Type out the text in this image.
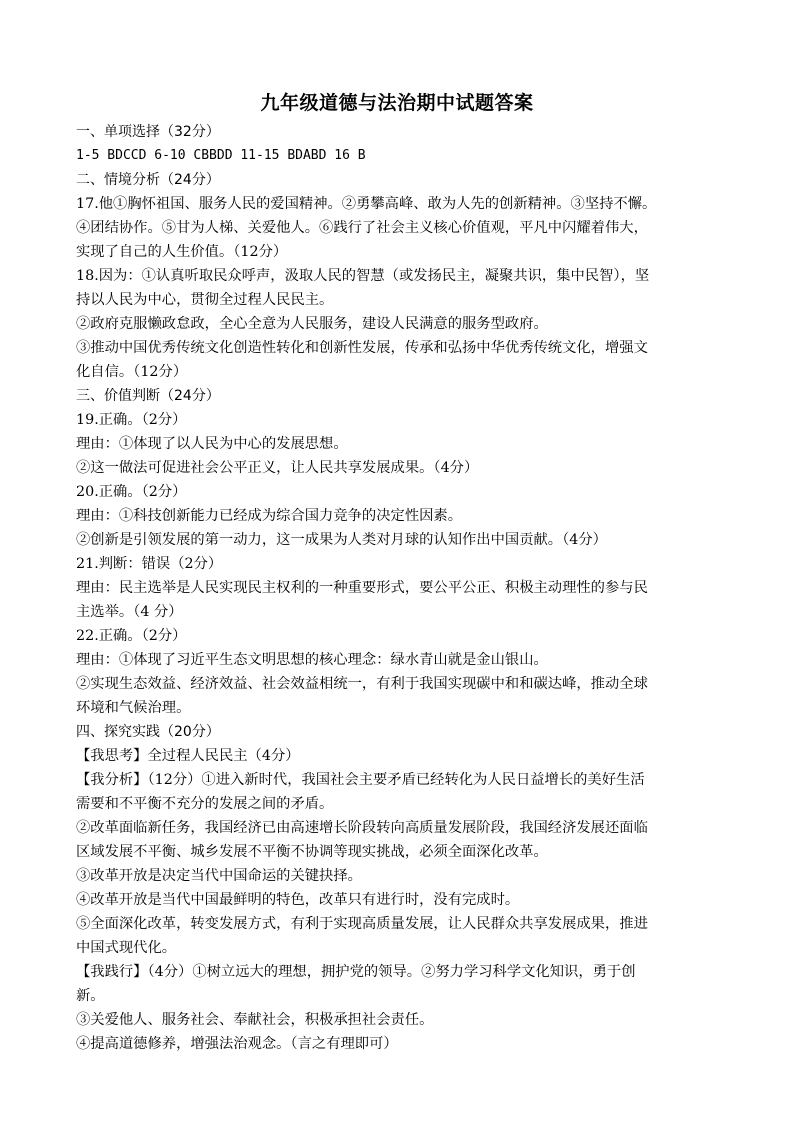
九年级道德与法治期中试题答案
一、单项选择（32分）
1-5 BDCCD 6-10 CBBDD 11-15 BDABD 16 B
二、情境分析（24分）
17.他①胸怀祖国、服务人民的爱国精神。②勇攀高峰、敢为人先的创新精神。③坚持不懈。
④团结协作。⑤甘为人梯、关爱他人。⑥践行了社会主义核心价值观，平凡中闪耀着伟大，
实现了自己的人生价值。（12分）
18.因为：①认真听取民众呼声，汲取人民的智慧（或发扬民主，凝聚共识，集中民智），坚
持以人民为中心，贯彻全过程人民民主。
②政府克服懒政怠政，全心全意为人民服务，建设人民满意的服务型政府。
③推动中国优秀传统文化创造性转化和创新性发展，传承和弘扬中华优秀传统文化，增强文
化自信。（12分）
三、价值判断（24分）
19.正确。（2分）
理由：①体现了以人民为中心的发展思想。
②这一做法可促进社会公平正义，让人民共享发展成果。（4分）
20.正确。（2分）
理由：①科技创新能力已经成为综合国力竞争的决定性因素。
②创新是引领发展的第一动力，这一成果为人类对月球的认知作出中国贡献。（4分）
21.判断：错误（2分）
理由：民主选举是人民实现民主权利的一种重要形式，要公平公正、积极主动理性的参与民
主选举。（4 分）
22.正确。（2分）
理由：①体现了习近平生态文明思想的核心理念：绿水青山就是金山银山。
②实现生态效益、经济效益、社会效益相统一，有利于我国实现碳中和和碳达峰，推动全球
环境和气候治理。
四、探究实践（20分）
【我思考】全过程人民民主（4分）
【我分析】（12分）①进入新时代，我国社会主要矛盾已经转化为人民日益增长的美好生活
需要和不平衡不充分的发展之间的矛盾。
②改革面临新任务，我国经济已由高速增长阶段转向高质量发展阶段，我国经济发展还面临
区域发展不平衡、城乡发展不平衡不协调等现实挑战，必须全面深化改革。
③改革开放是决定当代中国命运的关键抉择。
④改革开放是当代中国最鲜明的特色，改革只有进行时，没有完成时。
⑤全面深化改革，转变发展方式，有利于实现高质量发展，让人民群众共享发展成果，推进
中国式现代化。
【我践行】（4分）①树立远大的理想，拥护党的领导。②努力学习科学文化知识，勇于创
新。
③关爱他人、服务社会、奉献社会，积极承担社会责任。
④提高道德修养，增强法治观念。（言之有理即可）
